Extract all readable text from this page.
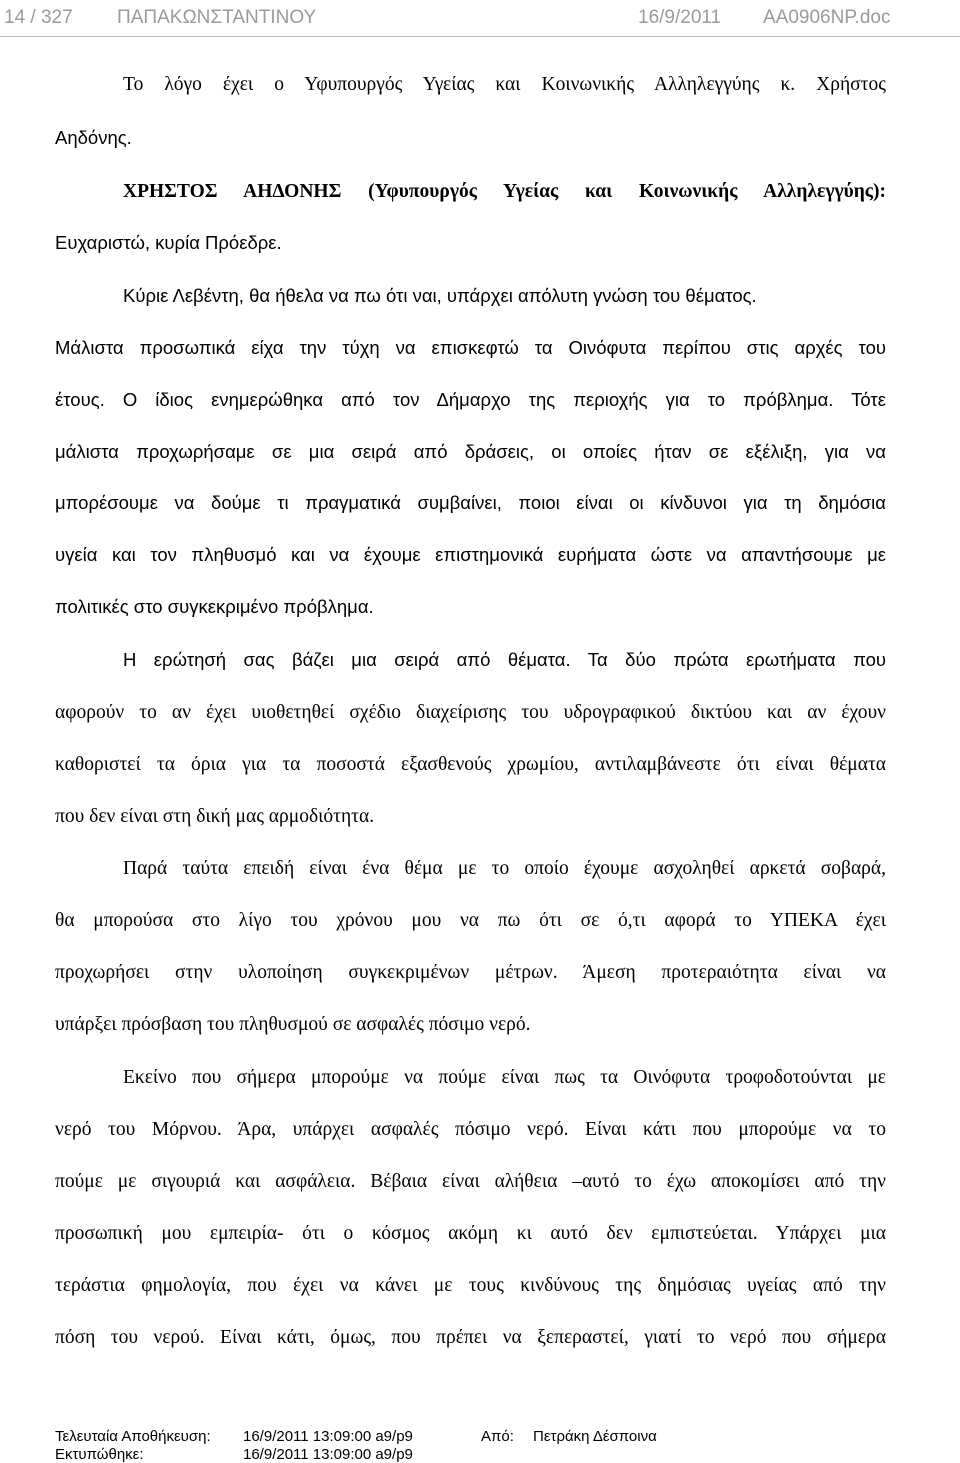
14 / 327 ΠΑΠΑΚΩΝΣΤΑΝΤΙΝΟΥ	16/9/2011 AA0906NP.doc
Το λόγο έχει ο Υφυπουργός Υγείας και Κοινωνικής Αλληλεγγύης κ. Χρήστος
Αηδόνης.
ΧΡΗΣΤΟΣ ΑΗΔΟΝΗΣ (Υφυπουργός Υγείας και Κοινωνικής Αλληλεγγύης):
Ευχαριστώ, κυρία Πρόεδρε.
Κύριε Λεβέντη, θα ήθελα να πω ότι ναι, υπάρχει απόλυτη γνώση του θέματος.
Μάλιστα προσωπικά είχα την τύχη να επισκεφτώ τα Οινόφυτα περίπου στις αρχές του
έτους. Ο ίδιος ενημερώθηκα από τον Δήμαρχο της περιοχής για το πρόβλημα. Τότε
μάλιστα προχωρήσαμε σε μια σειρά από δράσεις, οι οποίες ήταν σε εξέλιξη, για να
μπορέσουμε να δούμε τι πραγματικά συμβαίνει, ποιοι είναι οι κίνδυνοι για τη δημόσια
υγεία και τον πληθυσμό και να έχουμε επιστημονικά ευρήματα ώστε να απαντήσουμε με
πολιτικές στο συγκεκριμένο πρόβλημα.
Η ερώτησή σας βάζει μια σειρά από θέματα. Τα δύο πρώτα ερωτήματα που
αφορούν το αν έχει υιοθετηθεί σχέδιο διαχείρισης του υδρογραφικού δικτύου και αν έχουν
καθοριστεί τα όρια για τα ποσοστά εξασθενούς χρωμίου, αντιλαμβάνεστε ότι είναι θέματα
που δεν είναι στη δική μας αρμοδιότητα.
Παρά ταύτα επειδή είναι ένα θέμα με το οποίο έχουμε ασχοληθεί αρκετά σοβαρά,
θα μπορούσα στο λίγο του χρόνου μου να πω ότι σε ό,τι αφορά το ΥΠΕΚΑ έχει
προχωρήσει στην υλοποίηση συγκεκριμένων μέτρων. Άμεση προτεραιότητα είναι να
υπάρξει πρόσβαση του πληθυσμού σε ασφαλές πόσιμο νερό.
Εκείνο που σήμερα μπορούμε να πούμε είναι πως τα Οινόφυτα τροφοδοτούνται με
νερό του Μόρνου. Άρα, υπάρχει ασφαλές πόσιμο νερό. Είναι κάτι που μπορούμε να το
πούμε με σιγουριά και ασφάλεια. Βέβαια είναι αλήθεια –αυτό το έχω αποκομίσει από την
προσωπική μου εμπειρία- ότι ο κόσμος ακόμη κι αυτό δεν εμπιστεύεται. Υπάρχει μια
τεράστια φημολογία, που έχει να κάνει με τους κινδύνους της δημόσιας υγείας από την
πόση του νερού. Είναι κάτι, όμως, που πρέπει να ξεπεραστεί, γιατί το νερό που σήμερα
Τελευταία Αποθήκευση: 16/9/2011 13:09:00 a9/p9	Από: Πετράκη Δέσποινα
Εκτυπώθηκε:	16/9/2011 13:09:00 a9/p9
